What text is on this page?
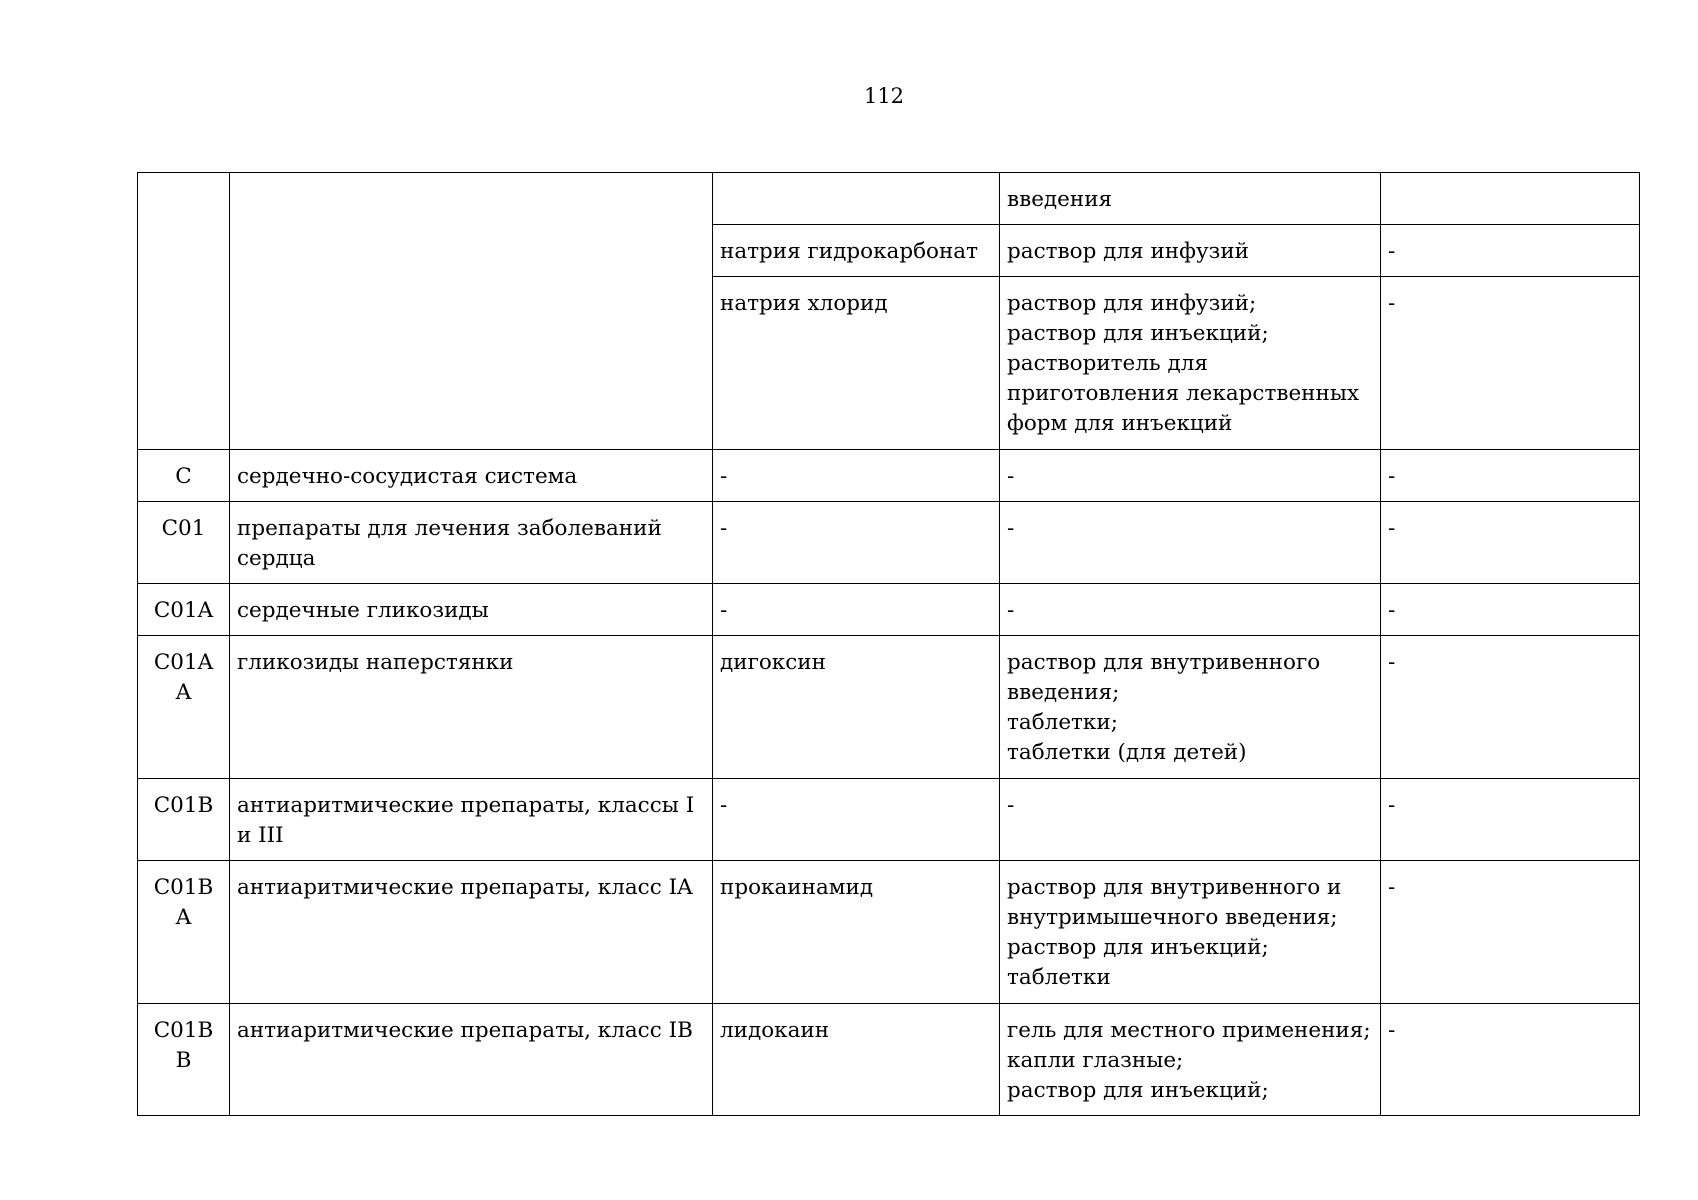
112
			введения	
		натрия гидрокарбонат	раствор для инфузий	-
		натрия хлорид	раствор для инфузий;
раствор для инъекций;
растворитель для приготовления лекарственных форм для инъекций	-
C	сердечно-сосудистая система	-	-	-
C01	препараты для лечения заболеваний сердца	-	-	-
C01A	сердечные гликозиды	-	-	-
C01A A	гликозиды наперстянки	дигоксин	раствор для внутривенного введения;
таблетки;
таблетки (для детей)	-
C01B	антиаритмические препараты, классы I и III	-	-	-
C01B A	антиаритмические препараты, класс IA	прокаинамид	раствор для внутривенного и внутримышечного введения;
раствор для инъекций;
таблетки	-
C01B B	антиаритмические препараты, класс IB	лидокаин	гель для местного применения;
капли глазные;
раствор для инъекций;	-
